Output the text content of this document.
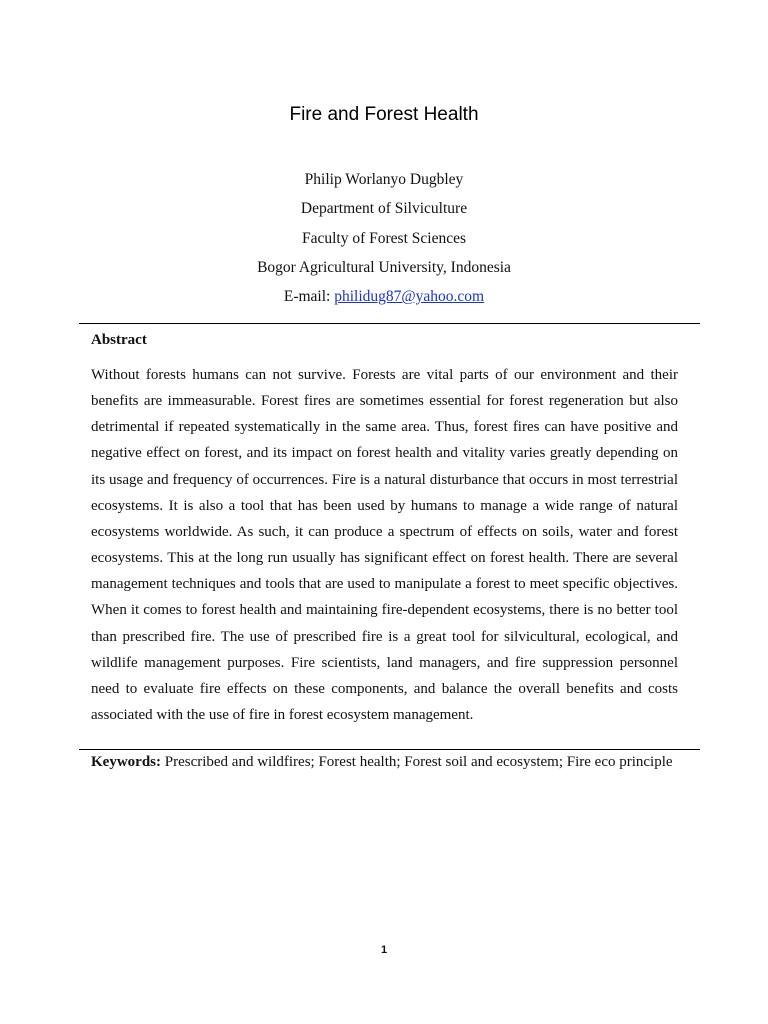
Fire and Forest Health
Philip Worlanyo Dugbley
Department of Silviculture
Faculty of Forest Sciences
Bogor Agricultural University, Indonesia
E-mail: philidug87@yahoo.com
Abstract

Without forests humans can not survive. Forests are vital parts of our environment and their benefits are immeasurable. Forest fires are sometimes essential for forest regeneration but also detrimental if repeated systematically in the same area. Thus, forest fires can have positive and negative effect on forest, and its impact on forest health and vitality varies greatly depending on its usage and frequency of occurrences. Fire is a natural disturbance that occurs in most terrestrial ecosystems. It is also a tool that has been used by humans to manage a wide range of natural ecosystems worldwide. As such, it can produce a spectrum of effects on soils, water and forest ecosystems. This at the long run usually has significant effect on forest health. There are several management techniques and tools that are used to manipulate a forest to meet specific objectives. When it comes to forest health and maintaining fire-dependent ecosystems, there is no better tool than prescribed fire. The use of prescribed fire is a great tool for silvicultural, ecological, and wildlife management purposes. Fire scientists, land managers, and fire suppression personnel need to evaluate fire effects on these components, and balance the overall benefits and costs associated with the use of fire in forest ecosystem management.

Keywords: Prescribed and wildfires; Forest health; Forest soil and ecosystem; Fire eco principle

1
